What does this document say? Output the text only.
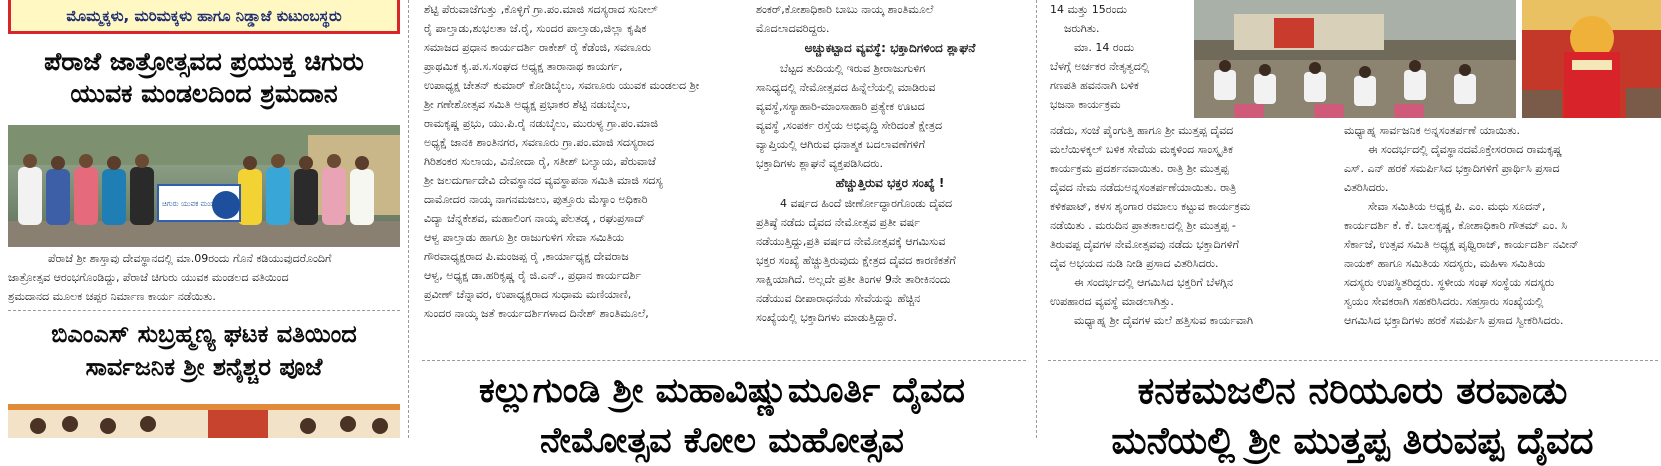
ಮೊಮ್ಮಕ್ಕಳು, ಮರಿಮಕ್ಕಳು ಹಾಗೂ ನಿಡ್ಡಾಜೆ ಕುಟುಂಬಸ್ಥರು
ಪೆರಾಜೆ ಜಾತ್ರೋತ್ಸವದ ಪ್ರಯುಕ್ತ ಚಿಗುರು
ಯುವಕ ಮಂಡಲದಿಂದ ಶ್ರಮದಾನ
ಚಿಗುರು ಯುವಕ ಮಂಡಲ
ಪೆರಾಜೆ ಶ್ರೀ ಶಾಸ್ತಾವು ದೇವಸ್ಥಾನದಲ್ಲಿ ಮಾ.09ರಂದು ಗೊನೆ ಕಡಿಯುವುದರೊಂದಿಗೆ
ಜಾತ್ರೋತ್ಸವ ಆರಂಭಗೊಂಡಿದ್ದು, ಪೆರಾಜೆ ಚಿಗುರು ಯುವಕ ಮಂಡಲದ ವತಿಯಿಂದ
ಶ್ರಮದಾನದ ಮೂಲಕ ಚಪ್ಪರ ನಿರ್ಮಾಣ ಕಾರ್ಯ ನಡೆಯಿತು.
ಬಿಎಂಎಸ್ ಸುಬ್ರಹ್ಮಣ್ಯ ಘಟಕ ವತಿಯಿಂದ
ಸಾರ್ವಜನಿಕ ಶ್ರೀ ಶನೈಶ್ಚರ ಪೂಜೆ
ಶೆಟ್ಟಿ ಪೆರುವಾಜೆಗುತ್ತು ,ಕೊಳ್ಳಿಗೆ ಗ್ರಾ.ಪಂ.ಮಾಜಿ ಸದಸ್ಯರಾದ ಸುನೀಲ್
ರೈ ಪಾಲ್ತಾಡು,ಶುಭಲತಾ ಜೆ.ರೈ, ಸುಂದರ ಪಾಲ್ತಾಡು,ಜಿಲ್ಲಾ ಕೃಷಿಕ
ಸಮಾಜದ ಪ್ರಧಾನ ಕಾರ್ಯದರ್ಶಿ ರಾಕೇಶ್ ರೈ ಕೆಡೆಂಜಿ, ಸವಣೂರು
ಪ್ರಾಥಮಿಕ ಕೃ.ಪ.ಸ.ಸಂಘದ ಅಧ್ಯಕ್ಷ ತಾರಾನಾಥ ಕಾಯರ್ಗ,
ಉಪಾಧ್ಯಕ್ಷ ಚೇತನ್ ಕುಮಾರ್ ಕೋಡಿಬೈಲು, ಸವಣೂರು ಯುವಕ ಮಂಡಲದ ಶ್ರೀ
ಶ್ರೀ ಗಣೇಶೋತ್ಸವ ಸಮಿತಿ ಅಧ್ಯಕ್ಷ ಪ್ರಭಾಕರ ಶೆಟ್ಟಿ ನಡುಬೈಲು,
ರಾಮಕೃಷ್ಣ ಪ್ರಭು, ಯು.ಪಿ.ರೈ ನಡುಬೈಲು, ಮುರುಳ್ಯ ಗ್ರಾ.ಪಂ.ಮಾಜಿ
ಅಧ್ಯಕ್ಷೆ ಜಾನಕಿ ಶಾಂತಿನಗರ, ಸವಣೂರು ಗ್ರಾ.ಪಂ.ಮಾಜಿ ಸದಸ್ಯರಾದ
ಗಿರಿಶಂಕರ ಸುಲಾಯ, ವಿನೋದಾ ರೈ, ಸತೀಶ್ ಬಲ್ಯಾಯ, ಪೆರುವಾಜೆ
ಶ್ರೀ ಜಲದುರ್ಗಾದೇವಿ ದೇವಸ್ಥಾನದ ವ್ಯವಸ್ಥಾಪನಾ ಸಮಿತಿ ಮಾಜಿ ಸದಸ್ಯ
ದಾಮೋದರ ನಾಯ್ಕ ನಾಗನಮಜಲು, ಪುತ್ತೂರು ಮೆಸ್ಕಾಂ ಅಧಿಕಾರಿ
ವಿದ್ಯಾ ಚೆನ್ನಕೇಶವ, ಮಹಾಲಿಂಗ ನಾಯ್ಕ ಪೆಲತಡ್ಕ , ರಘುಪ್ರಸಾದ್
ಆಳ್ವ ಪಾಲ್ತಾಡು ಹಾಗೂ ಶ್ರೀ ರಾಜುಗುಳಿಗ ಸೇವಾ ಸಮಿತಿಯ
ಗೌರವಾಧ್ಯಕ್ಷರಾದ ಪಿ.ಮಂಜಪ್ಪ ರೈ ,ಕಾರ್ಯಾಧ್ಯಕ್ಷ ದೇವರಾಜ
ಆಳ್ವ, ಅಧ್ಯಕ್ಷ ಡಾ.ಹರಿಕೃಷ್ಣ ರೈ ಜಿ.ಎನ್., ಪ್ರಧಾನ ಕಾರ್ಯದರ್ಶಿ
ಪ್ರವೀಣ್ ಚೆನ್ನಾವರ, ಉಪಾಧ್ಯಕ್ಷರಾದ ಸುಧಾಮ ಮಣಿಯಾಣಿ,
ಸುಂದರ ನಾಯ್ಕ ಜತೆ ಕಾರ್ಯದರ್ಶಿಗಳಾದ ದಿನೇಶ್ ಶಾಂತಿಮೂಲೆ,
ಶಂಕರ್,ಕೋಶಾಧಿಕಾರಿ ಬಾಬು ನಾಯ್ಕ ಶಾಂತಿಮೂಲೆ
ಮೊದಲಾದವರಿದ್ದರು.
ಅಚ್ಚುಕಟ್ಟಾದ ವ್ಯವಸ್ಥೆ: ಭಕ್ತಾದಿಗಳಿಂದ ಶ್ಲಾಘನೆ
ಬೆಟ್ಟದ ತುದಿಯಲ್ಲಿ ಇರುವ ಶ್ರೀರಾಜುಗುಳಿಗ
ಸಾನಿಧ್ಯದಲ್ಲಿ ನೇಮೋತ್ಸವದ ಹಿನ್ನೆಲೆಯಲ್ಲಿ ಮಾಡಿರುವ
ವ್ಯವಸ್ಥೆ,ಸಸ್ಯಾಹಾರಿ-ಮಾಂಸಾಹಾರಿ ಪ್ರತ್ಯೇಕ ಊಟದ
ವ್ಯವಸ್ಥೆ ,ಸಂಪರ್ಕ ರಸ್ತೆಯ ಅಭಿವೃದ್ಧಿ ಸೇರಿದಂತೆ ಕ್ಷೇತ್ರದ
ವ್ಯಾಪ್ತಿಯಲ್ಲಿ ಆಗಿರುವ ಧನಾತ್ಮಕ ಬದಲಾವಣೆಗಳಿಗೆ
ಭಕ್ತಾದಿಗಳು ಶ್ಲಾಘನೆ ವ್ಯಕ್ತಪಡಿಸಿದರು.
ಹೆಚ್ಚುತ್ತಿರುವ ಭಕ್ತರ ಸಂಖ್ಯೆ !
4 ವರ್ಷದ ಹಿಂದೆ ಜೀರ್ಣೋದ್ಧಾರಗೊಂಡು ದೈವದ
ಪ್ರತಿಷ್ಠೆ ನಡೆದು ದೈವದ ನೇಮೋತ್ಸವ ಪ್ರತೀ ವರ್ಷ
ನಡೆಯುತ್ತಿದ್ದು,ಪ್ರತಿ ವರ್ಷದ ನೇಮೋತ್ಸವಕ್ಕೆ ಆಗಮಿಸುವ
ಭಕ್ತರ ಸಂಖ್ಯೆ ಹೆಚ್ಚುತ್ತಿರುವುದು ಕ್ಷೇತ್ರದ ದೈವದ ಕಾರಣಿಕತೆಗೆ
ಸಾಕ್ಷಿಯಾಗಿದೆ. ಅಲ್ಲದೇ ಪ್ರತೀ ತಿಂಗಳ 9ನೇ ತಾರೀಕಿನಂದು
ನಡೆಯುವ ದೀಪಾರಾಧನೆಯ ಸೇವೆಯನ್ನು ಹೆಚ್ಚಿನ
ಸಂಖ್ಯೆಯಲ್ಲಿ ಭಕ್ತಾದಿಗಳು ಮಾಡುತ್ತಿದ್ದಾರೆ.
ಕಲ್ಲುಗುಂಡಿ ಶ್ರೀ ಮಹಾವಿಷ್ಣುಮೂರ್ತಿ ದೈವದ
ನೇಮೋತ್ಸವ ಕೋಲ ಮಹೋತ್ಸವ
14 ಮತ್ತು 15ರಂದು
ಜರುಗಿತು.
ಮಾ. 14 ರಂದು
ಬೆಳಗ್ಗೆ ಅರ್ಚಕರ ನೇತೃತ್ವದಲ್ಲಿ
ಗಣಪತಿ ಹವನನಾಗಿ ಬಳಿಕ
ಭಜನಾ ಕಾರ್ಯಕ್ರಮ
ನಡೆದು, ಸಂಜೆ ಪೈಂಗುತ್ತಿ ಹಾಗೂ ಶ್ರೀ ಮುತ್ತಪ್ಪ ದೈವದ
ಮಲೆಯಿಳಕ್ಕಲ್ ಬಳಿಕ ಸೇವೆಯ ಮಕ್ಕಳಿಂದ ಸಾಂಸ್ಕೃತಿಕ
ಕಾರ್ಯಕ್ರಮ ಪ್ರದರ್ಶನವಾಯಿತು. ರಾತ್ರಿ ಶ್ರೀ ಮುತ್ತಪ್ಪ
ದೈವದ ನೇಮ ನಡೆದುಅನ್ನಸಂತರ್ಪಣೆಯಾಯಿತು. ರಾತ್ರಿ
ಕಳಿಕಪಾಟ್, ಕಳಸ ಶೃಂಗಾರ ರಮಾಲು ಕಟ್ಟುವ ಕಾರ್ಯಕ್ರಮ
ನಡೆಯಿತು . ಮರುದಿನ ಪ್ರಾತಃಕಾಲದಲ್ಲಿ ಶ್ರೀ ಮುತ್ತಪ್ಪ -
ತಿರುವಪ್ಪ ದೈವಗಳ ನೇಮೋತ್ಸವವು ನಡೆದು ಭಕ್ತಾದಿಗಳಿಗೆ
ದೈವ ಅಭಯದ ನುಡಿ ನೀಡಿ ಪ್ರಸಾದ ವಿತರಿಸಿದರು.
ಈ ಸಂದರ್ಭದಲ್ಲಿ ಆಗಮಿಸಿದ ಭಕ್ತರಿಗೆ ಬೆಳಗ್ಗಿನ
ಉಪಹಾರದ ವ್ಯವಸ್ಥೆ ಮಾಡಲಾಗಿತ್ತು.
ಮಧ್ಯಾಹ್ನ ಶ್ರೀ ದೈವಗಳ ಮಲೆ ಹತ್ತಿಸುವ ಕಾರ್ಯವಾಗಿ
ಮಧ್ಯಾಹ್ನ ಸಾರ್ವಜನಿಕ ಅನ್ನಸಂತರ್ಪಣೆ ಯಾಯಿತು.
ಈ ಸಂದರ್ಭದಲ್ಲಿ ದೈವಸ್ಥಾನದಮೊಕ್ತೇಸರರಾದ ರಾಮಕೃಷ್ಣ
ಎಸ್. ಎನ್ ಹರಕೆ ಸಮರ್ಪಿಸಿದ ಭಕ್ತಾದಿಗಳಿಗೆ ಪ್ರಾರ್ಥಿಸಿ ಪ್ರಸಾದ
ವಿತರಿಸಿದರು.
ಸೇವಾ ಸಮಿತಿಯ ಅಧ್ಯಕ್ಷ ಪಿ. ಎಂ. ಮಧು ಸೂದನ್,
ಕಾರ್ಯದರ್ಶಿ ಕೆ. ಕೆ. ಬಾಲಕೃಷ್ಣ, ಕೋಶಾಧಿಕಾರಿ ಗೌತಮ್ ಎಂ. ಸಿ
ಸೆರ್ಕಾಜೆ, ಉತ್ಸವ ಸಮಿತಿ ಅಧ್ಯಕ್ಷ ಪೃಥ್ವಿರಾಜ್, ಕಾರ್ಯದರ್ಶಿ ನವೀನ್
ನಾಯಕ್ ಹಾಗೂ ಸಮಿತಿಯ ಸದಸ್ಯರು, ಮಹಿಳಾ ಸಮಿತಿಯ
ಸದಸ್ಯರು ಉಪಸ್ಥಿತರಿದ್ದರು. ಸ್ಥಳೀಯ ಸಂಘ ಸಂಸ್ಥೆಯ ಸದಸ್ಯರು
ಸ್ವಯಂ ಸೇವಕರಾಗಿ ಸಹಕರಿಸಿದರು. ಸಹಸ್ರಾರು ಸಂಖ್ಯೆಯಲ್ಲಿ
ಆಗಮಿಸಿದ ಭಕ್ತಾದಿಗಳು ಹರಕೆ ಸಮರ್ಪಿಸಿ ಪ್ರಸಾದ ಸ್ವೀಕರಿಸಿದರು.
ಕನಕಮಜಲಿನ ನರಿಯೂರು ತರವಾಡು
ಮನೆಯಲ್ಲಿ ಶ್ರೀ ಮುತ್ತಪ್ಪ ತಿರುವಪ್ಪ ದೈವದ
